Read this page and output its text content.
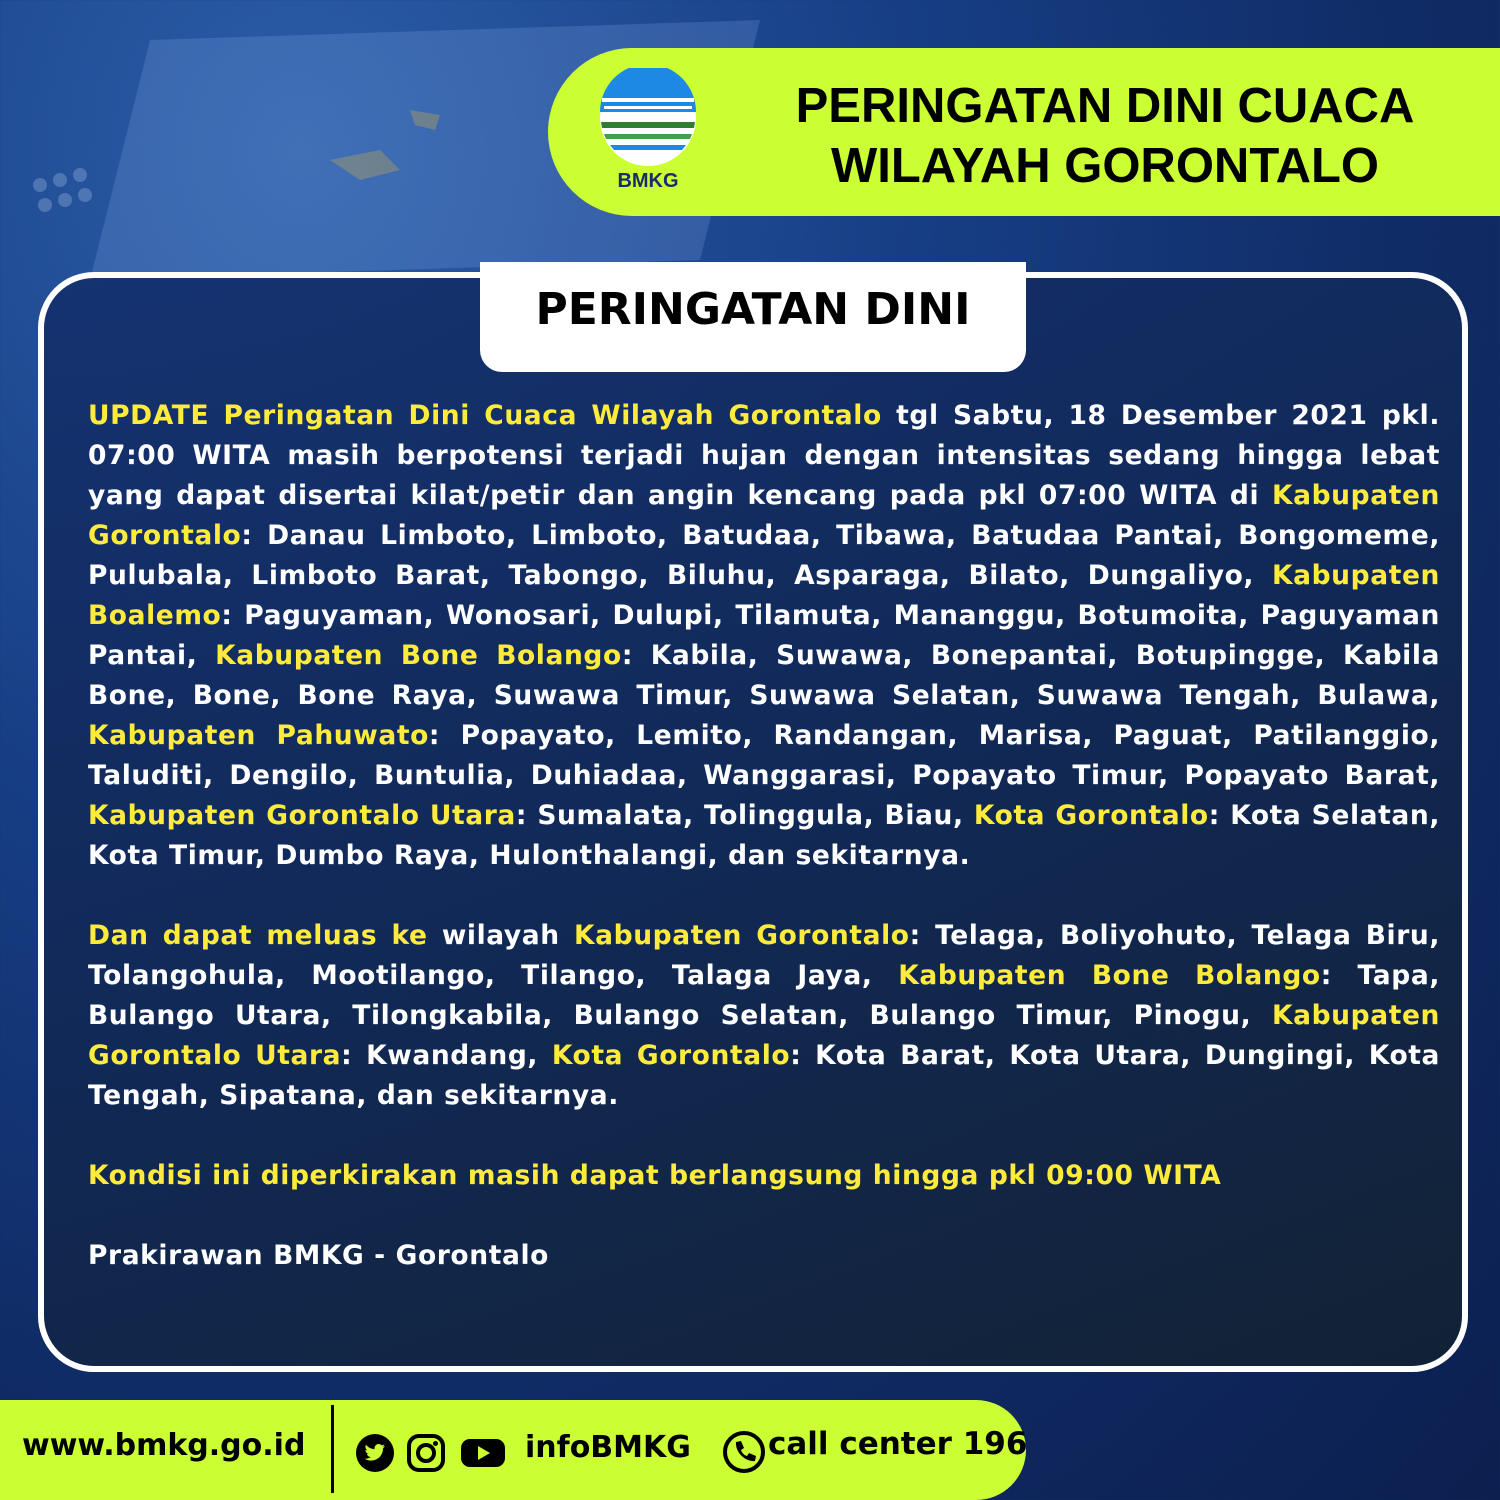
BMKG
PERINGATAN DINI CUACA
WILAYAH GORONTALO
PERINGATAN DINI
UPDATE Peringatan Dini Cuaca Wilayah Gorontalo tgl Sabtu, 18 Desember 2021 pkl. 07:00 WITA masih berpotensi terjadi hujan dengan intensitas sedang hingga lebat yang dapat disertai kilat/petir dan angin kencang pada pkl 07:00 WITA di Kabupaten Gorontalo: Danau Limboto, Limboto, Batudaa, Tibawa, Batudaa Pantai, Bongomeme, Pulubala, Limboto Barat, Tabongo, Biluhu, Asparaga, Bilato, Dungaliyo, Kabupaten Boalemo: Paguyaman, Wonosari, Dulupi, Tilamuta, Mananggu, Botumoita, Paguyaman Pantai, Kabupaten Bone Bolango: Kabila, Suwawa, Bonepantai, Botupingge, Kabila Bone, Bone, Bone Raya, Suwawa Timur, Suwawa Selatan, Suwawa Tengah, Bulawa, Kabupaten Pahuwato: Popayato, Lemito, Randangan, Marisa, Paguat, Patilanggio, Taluditi, Dengilo, Buntulia, Duhiadaa, Wanggarasi, Popayato Timur, Popayato Barat, Kabupaten Gorontalo Utara: Sumalata, Tolinggula, Biau, Kota Gorontalo: Kota Selatan, Kota Timur, Dumbo Raya, Hulonthalangi, dan sekitarnya.
Dan dapat meluas ke wilayah Kabupaten Gorontalo: Telaga, Boliyohuto, Telaga Biru, Tolangohula, Mootilango, Tilango, Talaga Jaya, Kabupaten Bone Bolango: Tapa, Bulango Utara, Tilongkabila, Bulango Selatan, Bulango Timur, Pinogu, Kabupaten Gorontalo Utara: Kwandang, Kota Gorontalo: Kota Barat, Kota Utara, Dungingi, Kota Tengah, Sipatana, dan sekitarnya.
Kondisi ini diperkirakan masih dapat berlangsung hingga pkl 09:00 WITA
Prakirawan BMKG - Gorontalo
www.bmkg.go.id	infoBMKG call center 196
